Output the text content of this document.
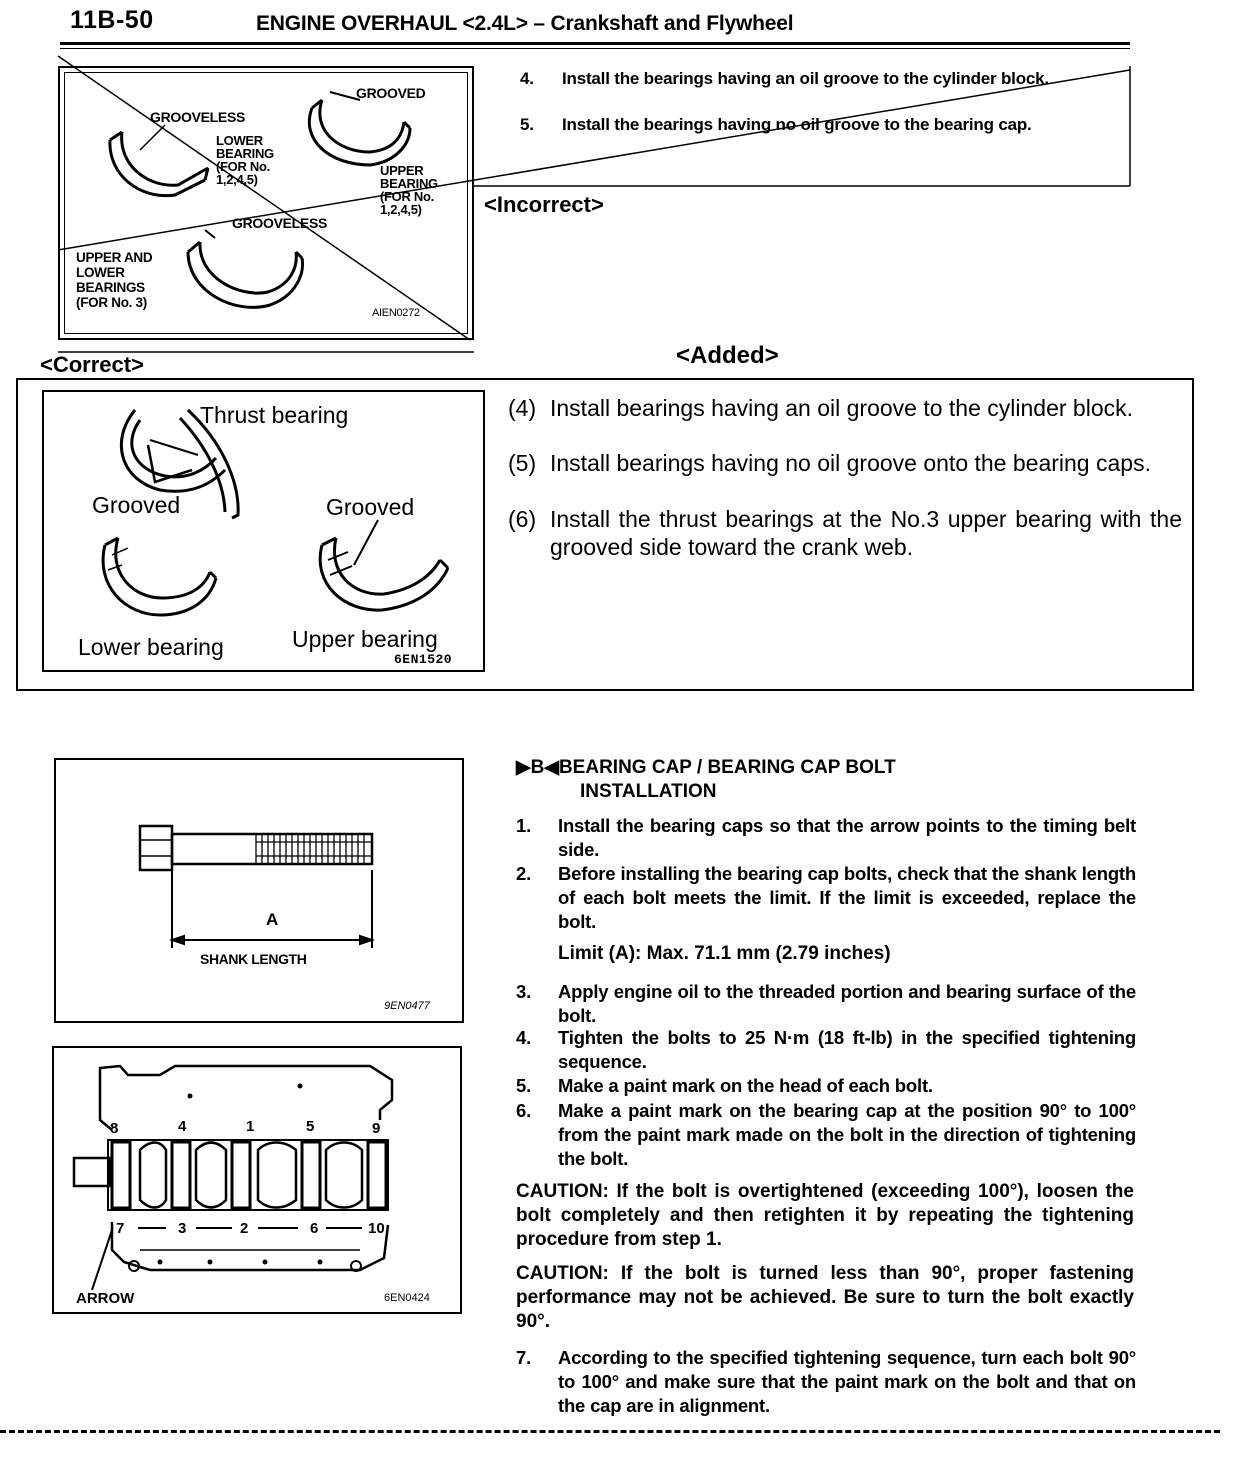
11B-50	ENGINE OVERHAUL <2.4L> – Crankshaft and Flywheel
GROOVELESS
GROOVED
LOWER
BEARING
(FOR No.
1,2,4,5)
UPPER
BEARING
(FOR No.
1,2,4,5)
GROOVELESS
UPPER AND
LOWER
BEARINGS
(FOR No. 3)
AIEN0272
4. Install the bearings having an oil groove to the cylinder block.
5. Install the bearings having no oil groove to the bearing cap.
<Incorrect>
<Correct>	<Added>
Thrust bearing
Grooved	Grooved
Lower bearing	Upper bearing
6EN1520
(4) Install bearings having an oil groove to the cylinder block.
(5) Install bearings having no oil groove onto the bearing caps.
(6) Install the thrust bearings at the No.3 upper bearing with the grooved side toward the crank web.
A
SHANK LENGTH
9EN0477
8	4	1	5	9
7	3	2	6	10
ARROW	6EN0424
▶B◀BEARING CAP / BEARING CAP BOLT
INSTALLATION
1. Install the bearing caps so that the arrow points to the timing belt side.
2. Before installing the bearing cap bolts, check that the shank length of each bolt meets the limit. If the limit is exceeded, replace the bolt.
Limit (A): Max. 71.1 mm (2.79 inches)
3. Apply engine oil to the threaded portion and bearing surface of the bolt.
4. Tighten the bolts to 25 N·m (18 ft-lb) in the specified tightening sequence.
5. Make a paint mark on the head of each bolt.
6. Make a paint mark on the bearing cap at the position 90° to 100° from the paint mark made on the bolt in the direction of tightening the bolt.
CAUTION: If the bolt is overtightened (exceeding 100°), loosen the bolt completely and then retighten it by repeating the tightening procedure from step 1.
CAUTION: If the bolt is turned less than 90°, proper fastening performance may not be achieved. Be sure to turn the bolt exactly 90°.
7. According to the specified tightening sequence, turn each bolt 90° to 100° and make sure that the paint mark on the bolt and that on the cap are in alignment.
